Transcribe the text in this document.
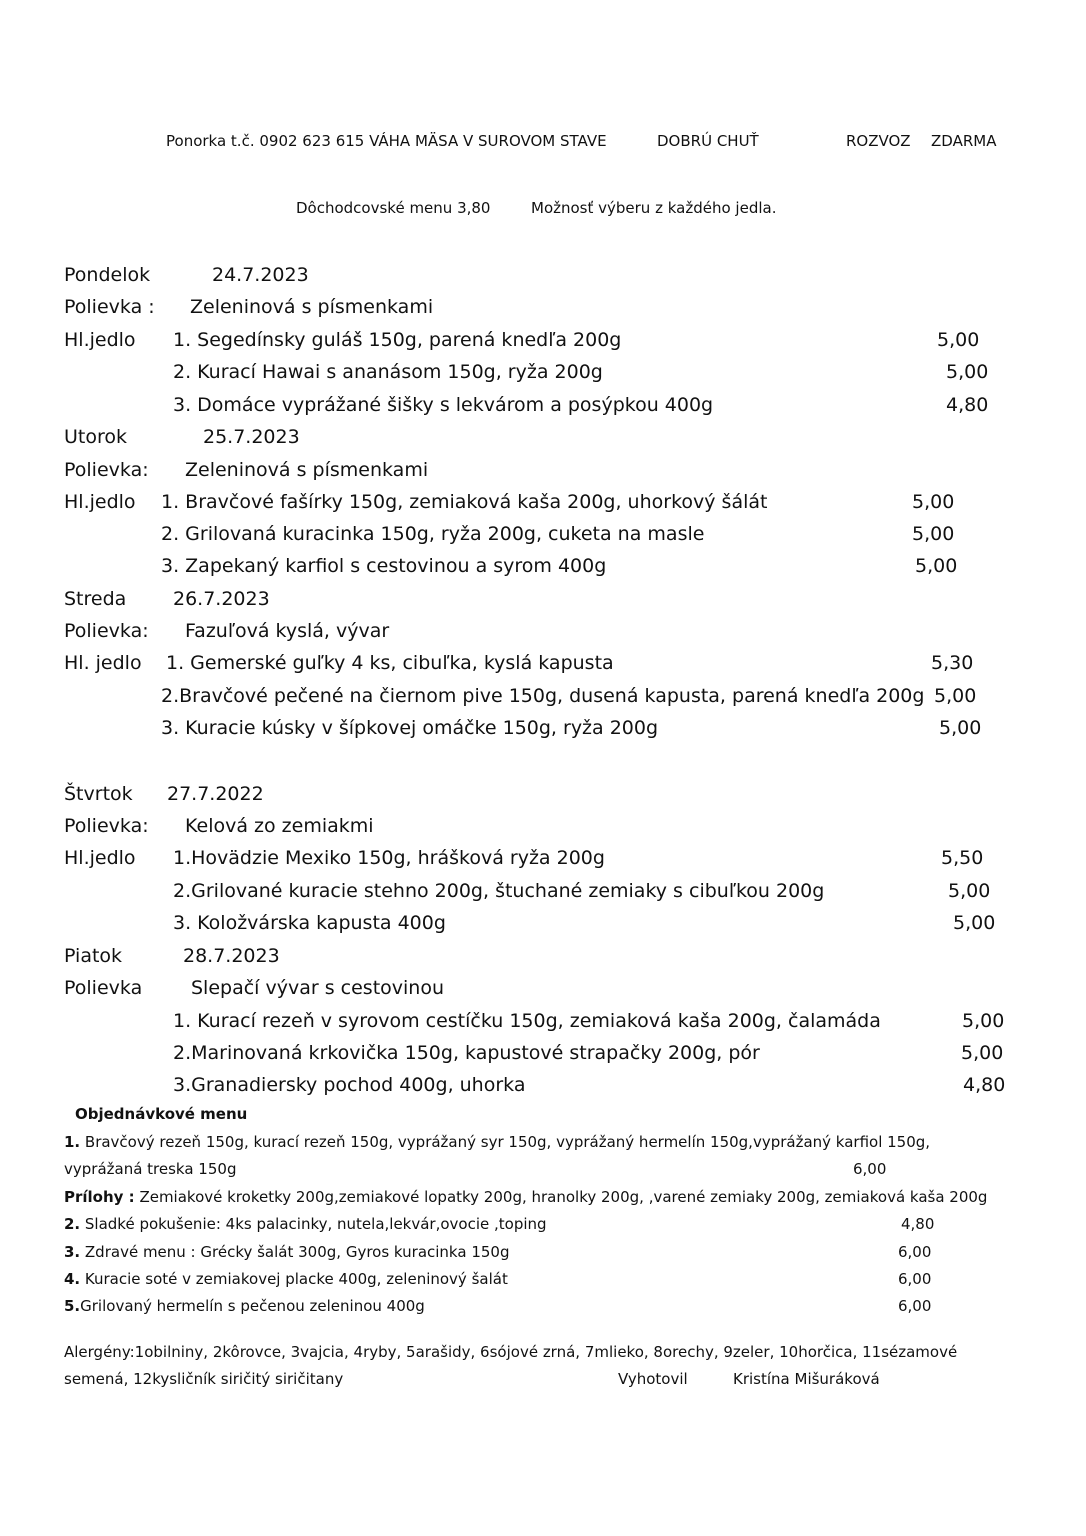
Ponorka t.č. 0902 623 615 VÁHA MÄSA V SUROVOM STAVE	DOBRÚ CHUŤ	ROZVOZ ZDARMA
Dôchodcovské menu 3,80	Možnosť výberu z každého jedla.
Pondelok	24.7.2023
Polievka : Zeleninová s písmenkami
Hl.jedlo 1. Segedínsky guláš 150g, parená knedľa 200g	5,00
2. Kurací Hawai s ananásom 150g, ryža 200g	5,00
3. Domáce vyprážané šišky s lekvárom a posýpkou 400g	4,80
Utorok	25.7.2023
Polievka: Zeleninová s písmenkami
Hl.jedlo 1. Bravčové fašírky 150g, zemiaková kaša 200g, uhorkový šálát	5,00
2. Grilovaná kuracinka 150g, ryža 200g, cuketa na masle	5,00
3. Zapekaný karfiol s cestovinou a syrom 400g	5,00
Streda 26.7.2023
Polievka: Fazuľová kyslá, vývar
Hl. jedlo 1. Gemerské guľky 4 ks, cibuľka, kyslá kapusta	5,30
2.Bravčové pečené na čiernom pive 150g, dusená kapusta, parená knedľa 200g 5,00
3. Kuracie kúsky v šípkovej omáčke 150g, ryža 200g	5,00
Štvrtok 27.7.2022
Polievka: Kelová zo zemiakmi
Hl.jedlo 1.Hovädzie Mexiko 150g, hrášková ryža 200g	5,50
2.Grilované kuracie stehno 200g, štuchané zemiaky s cibuľkou 200g	5,00
3. Koložvárska kapusta 400g	5,00
Piatok	28.7.2023
Polievka	Slepačí vývar s cestovinou
1. Kurací rezeň v syrovom cestíčku 150g, zemiaková kaša 200g, čalamáda	5,00
2.Marinovaná krkovička 150g, kapustové strapačky 200g, pór	5,00
3.Granadiersky pochod 400g, uhorka	4,80
Objednávkové menu
1. Bravčový rezeň 150g, kurací rezeň 150g, vyprážaný syr 150g, vyprážaný hermelín 150g,vyprážaný karfiol 150g,
vyprážaná treska 150g	6,00
Prílohy : Zemiakové kroketky 200g,zemiakové lopatky 200g, hranolky 200g, ,varené zemiaky 200g, zemiaková kaša 200g
2. Sladké pokušenie: 4ks palacinky, nutela,lekvár,ovocie ,toping	4,80
3. Zdravé menu : Grécky šalát 300g, Gyros kuracinka 150g	6,00
4. Kuracie soté v zemiakovej placke 400g, zeleninový šalát	6,00
5.Grilovaný hermelín s pečenou zeleninou 400g	6,00
Alergény:1obilniny, 2kôrovce, 3vajcia, 4ryby, 5arašidy, 6sójové zrná, 7mlieko, 8orechy, 9zeler, 10horčica, 11sézamové
semená, 12kysličník siričitý siričitany	Vyhotovil	Kristína Mišuráková
